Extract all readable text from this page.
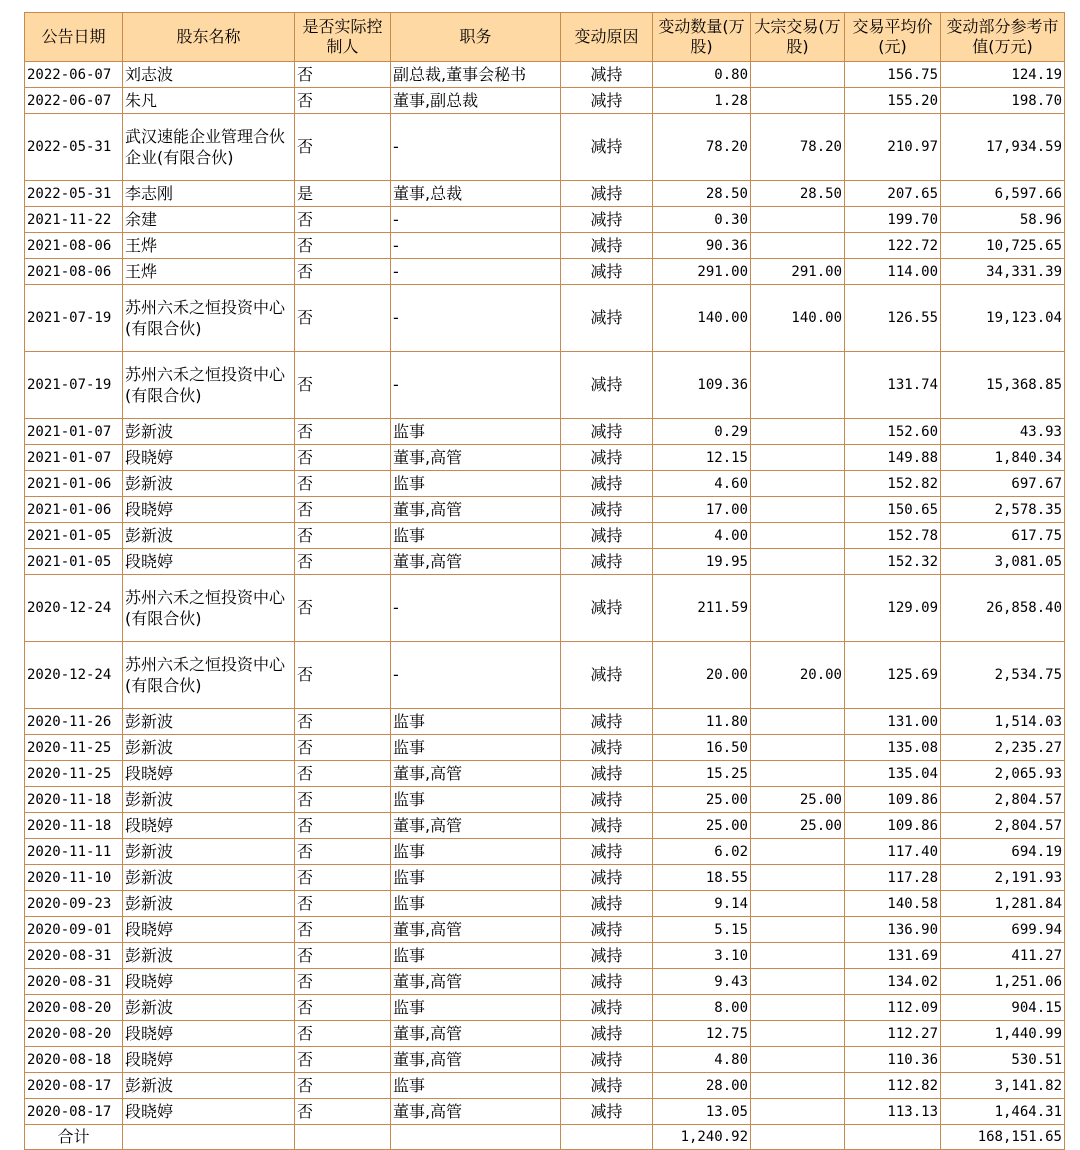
公告日期	股东名称	是否实际控制人	职务	变动原因	变动数量(万股)	大宗交易(万股)	交易平均价(元)	变动部分参考市值(万元)
2022-06-07	刘志波	否	副总裁,董事会秘书	减持	0.80		156.75	124.19
2022-06-07	朱凡	否	董事,副总裁	减持	1.28		155.20	198.70
2022-05-31	武汉速能企业管理合伙企业(有限合伙)	否	-	减持	78.20	78.20	210.97	17,934.59
2022-05-31	李志刚	是	董事,总裁	减持	28.50	28.50	207.65	6,597.66
2021-11-22	余建	否	-	减持	0.30		199.70	58.96
2021-08-06	王烨	否	-	减持	90.36		122.72	10,725.65
2021-08-06	王烨	否	-	减持	291.00	291.00	114.00	34,331.39
2021-07-19	苏州六禾之恒投资中心(有限合伙)	否	-	减持	140.00	140.00	126.55	19,123.04
2021-07-19	苏州六禾之恒投资中心(有限合伙)	否	-	减持	109.36		131.74	15,368.85
2021-01-07	彭新波	否	监事	减持	0.29		152.60	43.93
2021-01-07	段晓婷	否	董事,高管	减持	12.15		149.88	1,840.34
2021-01-06	彭新波	否	监事	减持	4.60		152.82	697.67
2021-01-06	段晓婷	否	董事,高管	减持	17.00		150.65	2,578.35
2021-01-05	彭新波	否	监事	减持	4.00		152.78	617.75
2021-01-05	段晓婷	否	董事,高管	减持	19.95		152.32	3,081.05
2020-12-24	苏州六禾之恒投资中心(有限合伙)	否	-	减持	211.59		129.09	26,858.40
2020-12-24	苏州六禾之恒投资中心(有限合伙)	否	-	减持	20.00	20.00	125.69	2,534.75
2020-11-26	彭新波	否	监事	减持	11.80		131.00	1,514.03
2020-11-25	彭新波	否	监事	减持	16.50		135.08	2,235.27
2020-11-25	段晓婷	否	董事,高管	减持	15.25		135.04	2,065.93
2020-11-18	彭新波	否	监事	减持	25.00	25.00	109.86	2,804.57
2020-11-18	段晓婷	否	董事,高管	减持	25.00	25.00	109.86	2,804.57
2020-11-11	彭新波	否	监事	减持	6.02		117.40	694.19
2020-11-10	彭新波	否	监事	减持	18.55		117.28	2,191.93
2020-09-23	彭新波	否	监事	减持	9.14		140.58	1,281.84
2020-09-01	段晓婷	否	董事,高管	减持	5.15		136.90	699.94
2020-08-31	彭新波	否	监事	减持	3.10		131.69	411.27
2020-08-31	段晓婷	否	董事,高管	减持	9.43		134.02	1,251.06
2020-08-20	彭新波	否	监事	减持	8.00		112.09	904.15
2020-08-20	段晓婷	否	董事,高管	减持	12.75		112.27	1,440.99
2020-08-18	段晓婷	否	董事,高管	减持	4.80		110.36	530.51
2020-08-17	彭新波	否	监事	减持	28.00		112.82	3,141.82
2020-08-17	段晓婷	否	董事,高管	减持	13.05		113.13	1,464.31
合计					1,240.92			168,151.65
